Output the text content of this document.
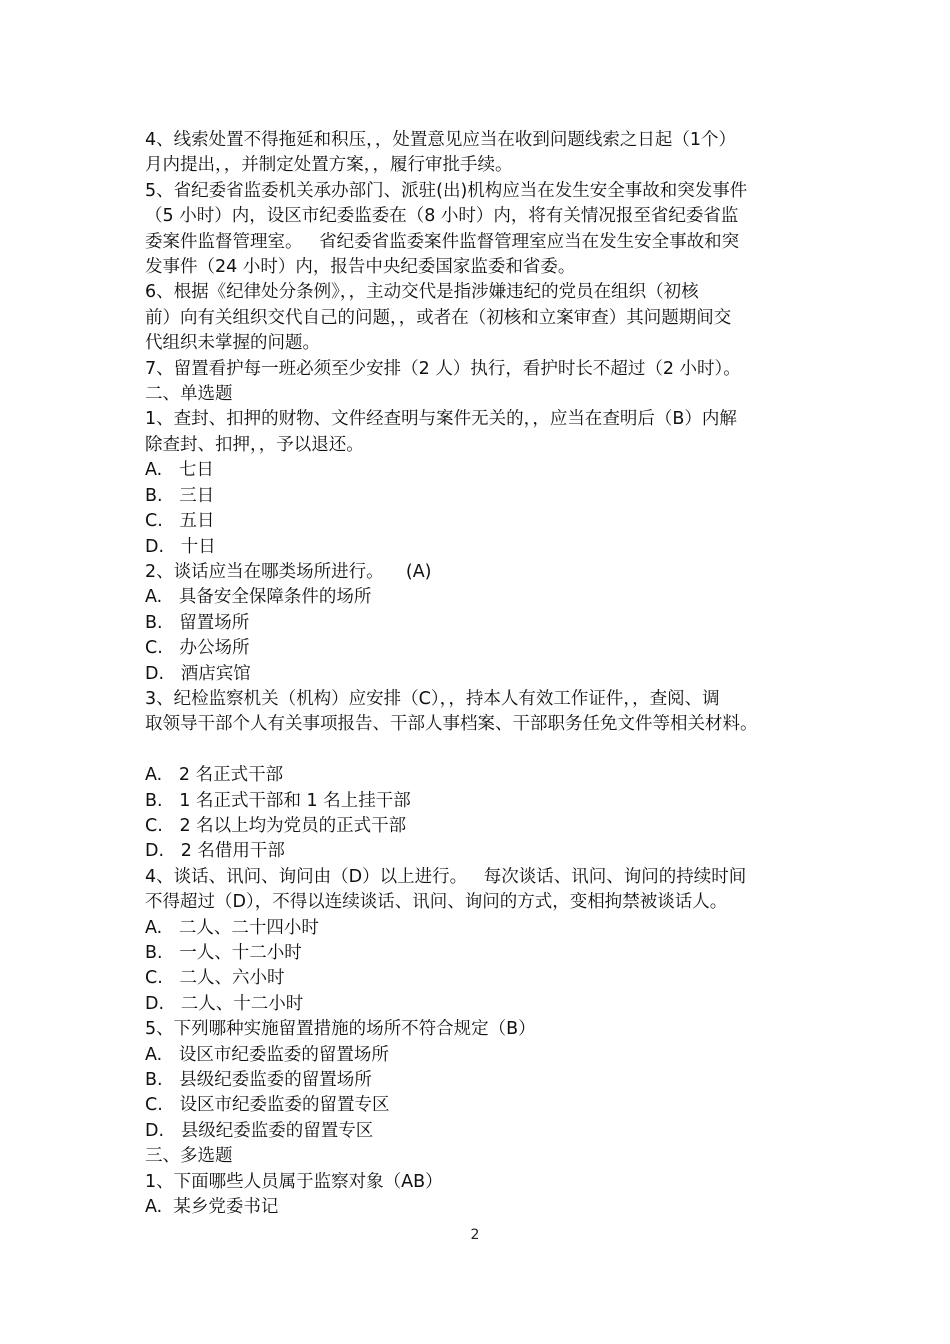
4、线索处置不得拖延和积压，，处置意见应当在收到问题线索之日起（1个）
月内提出，，并制定处置方案，，履行审批手续。
5、省纪委省监委机关承办部门、派驻(出)机构应当在发生安全事故和突发事件
（5 小时）内，设区市纪委监委在（8 小时）内，将有关情况报至省纪委省监
委案件监督管理室。   省纪委省监委案件监督管理室应当在发生安全事故和突
发事件（24 小时）内，报告中央纪委国家监委和省委。
6、根据《纪律处分条例》，，主动交代是指涉嫌违纪的党员在组织（初核
前）向有关组织交代自己的问题，，或者在（初核和立案审查）其问题期间交
代组织未掌握的问题。
7、留置看护每一班必须至少安排（2 人）执行，看护时长不超过（2 小时）。
二、单选题
1、查封、扣押的财物、文件经查明与案件无关的，，应当在查明后（B）内解
除查封、扣押，，予以退还。
A.   七日
B.   三日
C.   五日
D.   十日
2、谈话应当在哪类场所进行。    (A)
A.   具备安全保障条件的场所
B.   留置场所
C.   办公场所
D.   酒店宾馆
3、纪检监察机关（机构）应安排（C），，持本人有效工作证件，，查阅、调
取领导干部个人有关事项报告、干部人事档案、干部职务任免文件等相关材料。
A.   2 名正式干部
B.   1 名正式干部和 1 名上挂干部
C.   2 名以上均为党员的正式干部
D.   2 名借用干部
4、谈话、讯问、询问由（D）以上进行。   每次谈话、讯问、询问的持续时间
不得超过（D），不得以连续谈话、讯问、询问的方式，变相拘禁被谈话人。
A.   二人、二十四小时
B.   一人、十二小时
C.   二人、六小时
D.   二人、十二小时
5、下列哪种实施留置措施的场所不符合规定（B）
A.   设区市纪委监委的留置场所
B.   县级纪委监委的留置场所
C.   设区市纪委监委的留置专区
D.   县级纪委监委的留置专区
三、多选题
1、下面哪些人员属于监察对象（AB）
A.  某乡党委书记
2
